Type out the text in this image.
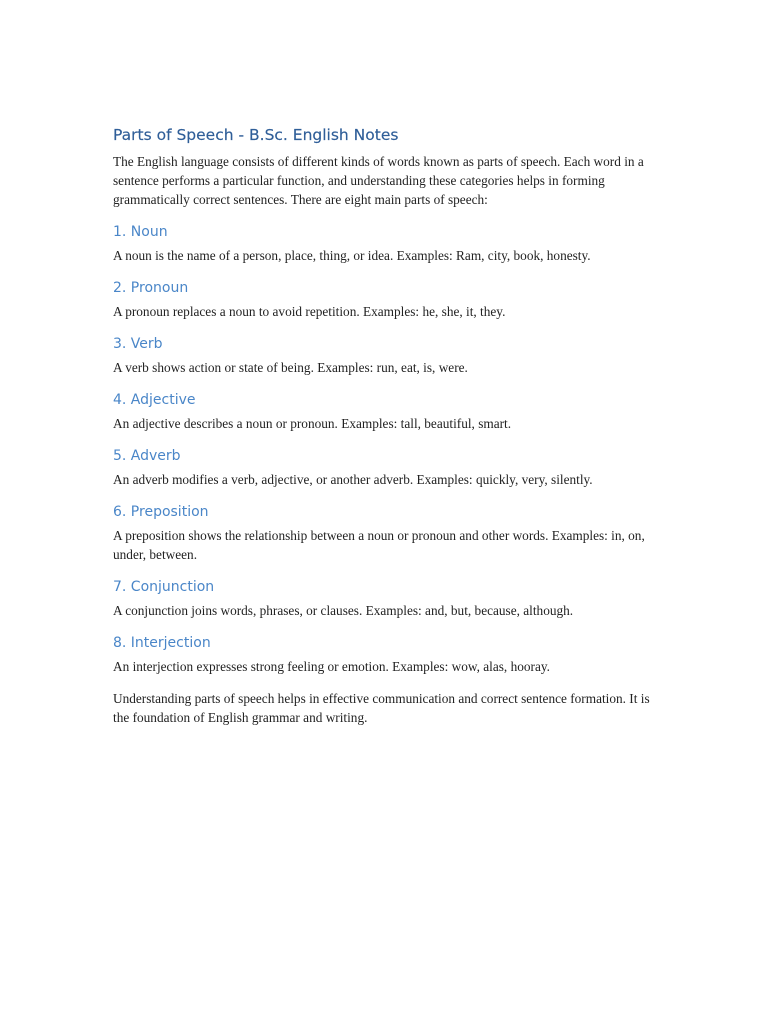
Parts of Speech - B.Sc. English Notes

The English language consists of different kinds of words known as parts of speech. Each word in a sentence performs a particular function, and understanding these categories helps in forming grammatically correct sentences. There are eight main parts of speech:

1. Noun

A noun is the name of a person, place, thing, or idea. Examples: Ram, city, book, honesty.

2. Pronoun

A pronoun replaces a noun to avoid repetition. Examples: he, she, it, they.

3. Verb

A verb shows action or state of being. Examples: run, eat, is, were.

4. Adjective

An adjective describes a noun or pronoun. Examples: tall, beautiful, smart.

5. Adverb

An adverb modifies a verb, adjective, or another adverb. Examples: quickly, very, silently.

6. Preposition

A preposition shows the relationship between a noun or pronoun and other words. Examples: in, on, under, between.

7. Conjunction

A conjunction joins words, phrases, or clauses. Examples: and, but, because, although.

8. Interjection

An interjection expresses strong feeling or emotion. Examples: wow, alas, hooray.

Understanding parts of speech helps in effective communication and correct sentence formation. It is the foundation of English grammar and writing.
